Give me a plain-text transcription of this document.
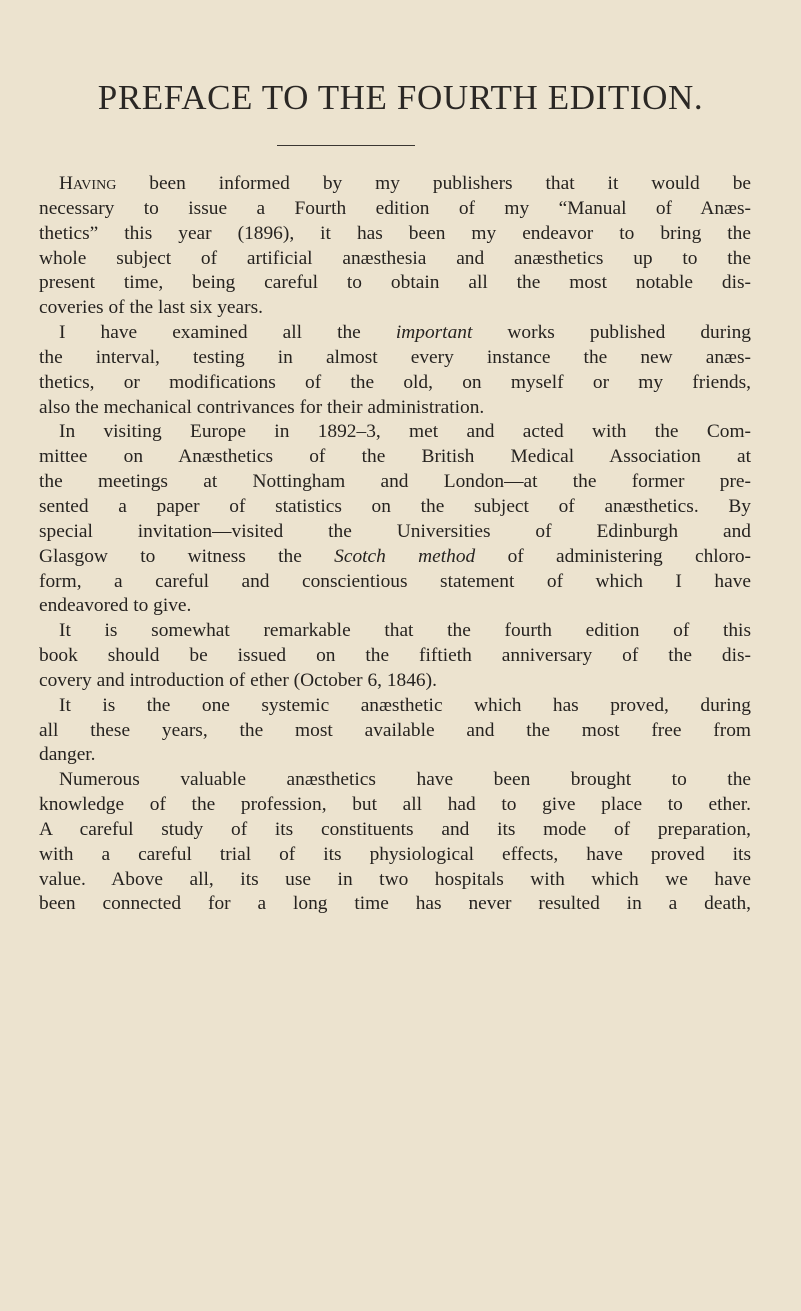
PREFACE TO THE FOURTH EDITION.
Having been informed by my publishers that it would be
necessary to issue a Fourth edition of my “Manual of Anæs-
thetics” this year (1896), it has been my endeavor to bring the
whole subject of artificial anæsthesia and anæsthetics up to the
present time, being careful to obtain all the most notable dis-
coveries of the last six years.
I have examined all the important works published during
the interval, testing in almost every instance the new anæs-
thetics, or modifications of the old, on myself or my friends,
also the mechanical contrivances for their administration.
In visiting Europe in 1892–3, met and acted with the Com-
mittee on Anæsthetics of the British Medical Association at
the meetings at Nottingham and London—at the former pre-
sented a paper of statistics on the subject of anæsthetics. By
special invitation—visited the Universities of Edinburgh and
Glasgow to witness the Scotch method of administering chloro-
form, a careful and conscientious statement of which I have
endeavored to give.
It is somewhat remarkable that the fourth edition of this
book should be issued on the fiftieth anniversary of the dis-
covery and introduction of ether (October 6, 1846).
It is the one systemic anæsthetic which has proved, during
all these years, the most available and the most free from
danger.
Numerous valuable anæsthetics have been brought to the
knowledge of the profession, but all had to give place to ether.
A careful study of its constituents and its mode of preparation,
with a careful trial of its physiological effects, have proved its
value. Above all, its use in two hospitals with which we have
been connected for a long time has never resulted in a death,
